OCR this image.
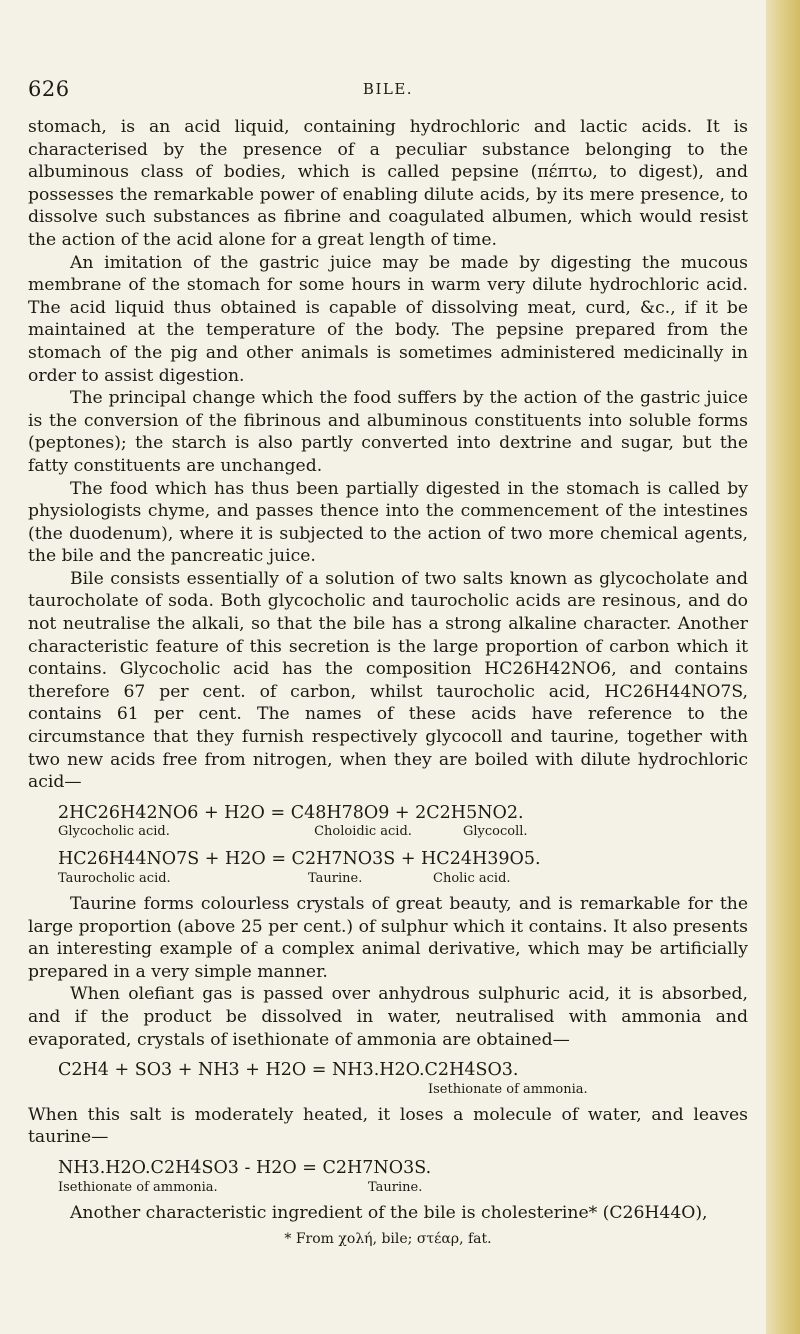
626	BILE.

stomach, is an acid liquid, containing hydrochloric and lactic acids. It is characterised by the presence of a peculiar substance belonging to the albuminous class of bodies, which is called pepsine (πέπτω, to digest), and possesses the remarkable power of enabling dilute acids, by its mere presence, to dissolve such substances as fibrine and coagulated albumen, which would resist the action of the acid alone for a great length of time.

An imitation of the gastric juice may be made by digesting the mucous membrane of the stomach for some hours in warm very dilute hydrochloric acid. The acid liquid thus obtained is capable of dissolving meat, curd, &c., if it be maintained at the temperature of the body. The pepsine prepared from the stomach of the pig and other animals is sometimes administered medicinally in order to assist digestion.

The principal change which the food suffers by the action of the gastric juice is the conversion of the fibrinous and albuminous constituents into soluble forms (peptones); the starch is also partly converted into dextrine and sugar, but the fatty constituents are unchanged.

The food which has thus been partially digested in the stomach is called by physiologists chyme, and passes thence into the commencement of the intestines (the duodenum), where it is subjected to the action of two more chemical agents, the bile and the pancreatic juice.

Bile consists essentially of a solution of two salts known as glycocholate and taurocholate of soda. Both glycocholic and taurocholic acids are resinous, and do not neutralise the alkali, so that the bile has a strong alkaline character. Another characteristic feature of this secretion is the large proportion of carbon which it contains. Glycocholic acid has the composition HC26H42NO6, and contains therefore 67 per cent. of carbon, whilst taurocholic acid, HC26H44NO7S, contains 61 per cent. The names of these acids have reference to the circumstance that they furnish respectively glycocoll and taurine, together with two new acids free from nitrogen, when they are boiled with dilute hydrochloric acid—

2HC26H42NO6 + H2O = C48H78O9 + 2C2H5NO2.
Glycocholic acid.	Choloidic acid.	Glycocoll.
HC26H44NO7S + H2O = C2H7NO3S + HC24H39O5.
Taurocholic acid.	Taurine.	Cholic acid.

Taurine forms colourless crystals of great beauty, and is remarkable for the large proportion (above 25 per cent.) of sulphur which it contains. It also presents an interesting example of a complex animal derivative, which may be artificially prepared in a very simple manner.

When olefiant gas is passed over anhydrous sulphuric acid, it is absorbed, and if the product be dissolved in water, neutralised with ammonia and evaporated, crystals of isethionate of ammonia are obtained—

C2H4 + SO3 + NH3 + H2O = NH3.H2O.C2H4SO3.
Isethionate of ammonia.

When this salt is moderately heated, it loses a molecule of water, and leaves taurine—

NH3.H2O.C2H4SO3 - H2O = C2H7NO3S.
Isethionate of ammonia.	Taurine.

Another characteristic ingredient of the bile is cholesterine* (C26H44O),

* From χολή, bile; στέαρ, fat.
